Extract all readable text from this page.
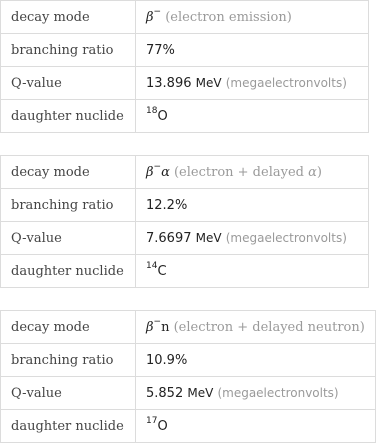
decay mode	β− (electron emission)
branching ratio	77%
Q-value	13.896 MeV (megaelectronvolts)
daughter nuclide	$^{18}$O
decay mode	β−α (electron + delayed α)
branching ratio	12.2%
Q-value	7.6697 MeV (megaelectronvolts)
daughter nuclide	$^{14}$C
decay mode	β−n (electron + delayed neutron)
branching ratio	10.9%
Q-value	5.852 MeV (megaelectronvolts)
daughter nuclide	$^{17}$O
